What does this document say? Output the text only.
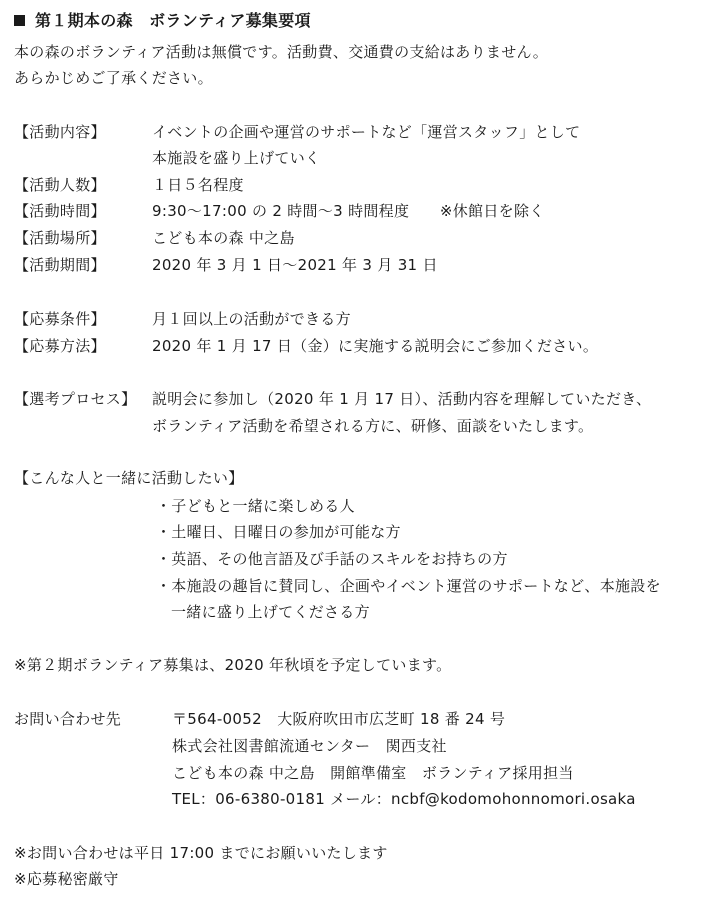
第１期本の森　ボランティア募集要項
本の森のボランティア活動は無償です。活動費、交通費の支給はありません。
あらかじめご了承ください。
【活動内容】	イベントの企画や運営のサポートなど「運営スタッフ」として
本施設を盛り上げていく
【活動人数】	１日５名程度
【活動時間】	9:30～17:00 の 2 時間～3 時間程度　　※休館日を除く
【活動場所】	こども本の森 中之島
【活動期間】	2020 年 3 月 1 日～2021 年 3 月 31 日
【応募条件】	月１回以上の活動ができる方
【応募方法】	2020 年 1 月 17 日（金）に実施する説明会にご参加ください。
【選考プロセス】 説明会に参加し（2020 年 1 月 17 日）、活動内容を理解していただき、
ボランティア活動を希望される方に、研修、面談をいたします。
【こんな人と一緒に活動したい】
・子どもと一緒に楽しめる人
・土曜日、日曜日の参加が可能な方
・英語、その他言語及び手話のスキルをお持ちの方
・本施設の趣旨に賛同し、企画やイベント運営のサポートなど、本施設を
一緒に盛り上げてくださる方
※第２期ボランティア募集は、2020 年秋頃を予定しています。
お問い合わせ先	〒564-0052　大阪府吹田市広芝町 18 番 24 号
株式会社図書館流通センター　関西支社
こども本の森 中之島　開館準備室　ボランティア採用担当
TEL：06-6380-0181 メール：ncbf@kodomohonnomori.osaka
※お問い合わせは平日 17:00 までにお願いいたします
※応募秘密厳守
